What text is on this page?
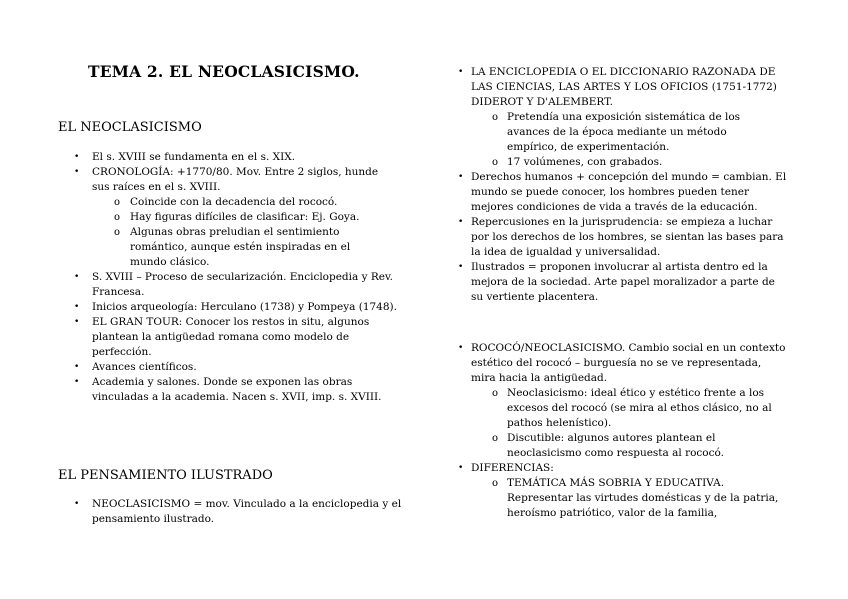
TEMA 2. EL NEOCLASICISMO.
EL NEOCLASICISMO
• El s. XVIII se fundamenta en el s. XIX.
• CRONOLOGÍA: +1770/80. Mov. Entre 2 siglos, hunde sus raíces en el s. XVIII.
o Coincide con la decadencia del rococó.
o Hay figuras difíciles de clasificar: Ej. Goya.
o Algunas obras preludian el sentimiento romántico, aunque estén inspiradas en el mundo clásico.
• S. XVIII – Proceso de secularización. Enciclopedia y Rev. Francesa.
• Inicios arqueología: Herculano (1738) y Pompeya (1748).
• EL GRAN TOUR: Conocer los restos in situ, algunos plantean la antigüedad romana como modelo de perfección.
• Avances científicos.
• Academia y salones. Donde se exponen las obras vinculadas a la academia. Nacen s. XVII, imp. s. XVIII.
EL PENSAMIENTO ILUSTRADO
• NEOCLASICISMO = mov. Vinculado a la enciclopedia y el pensamiento ilustrado.
• LA ENCICLOPEDIA O EL DICCIONARIO RAZONADA DE LAS CIENCIAS, LAS ARTES Y LOS OFICIOS (1751-1772) DIDEROT Y D'ALEMBERT.
o Pretendía una exposición sistemática de los avances de la época mediante un método empírico, de experimentación.
o 17 volúmenes, con grabados.
• Derechos humanos + concepción del mundo = cambian. El mundo se puede conocer, los hombres pueden tener mejores condiciones de vida a través de la educación.
• Repercusiones en la jurisprudencia: se empieza a luchar por los derechos de los hombres, se sientan las bases para la idea de igualdad y universalidad.
• Ilustrados = proponen involucrar al artista dentro ed la mejora de la sociedad. Arte papel moralizador a parte de su vertiente placentera.
• ROCOCÓ/NEOCLASICISMO. Cambio social en un contexto estético del rococó – burguesía no se ve representada, mira hacia la antigüedad.
o Neoclasicismo: ideal ético y estético frente a los excesos del rococó (se mira al ethos clásico, no al pathos helenístico).
o Discutible: algunos autores plantean el neoclasicismo como respuesta al rococó.
• DIFERENCIAS:
o TEMÁTICA MÁS SOBRIA Y EDUCATIVA. Representar las virtudes domésticas y de la patria, heroísmo patriótico, valor de la familia,
